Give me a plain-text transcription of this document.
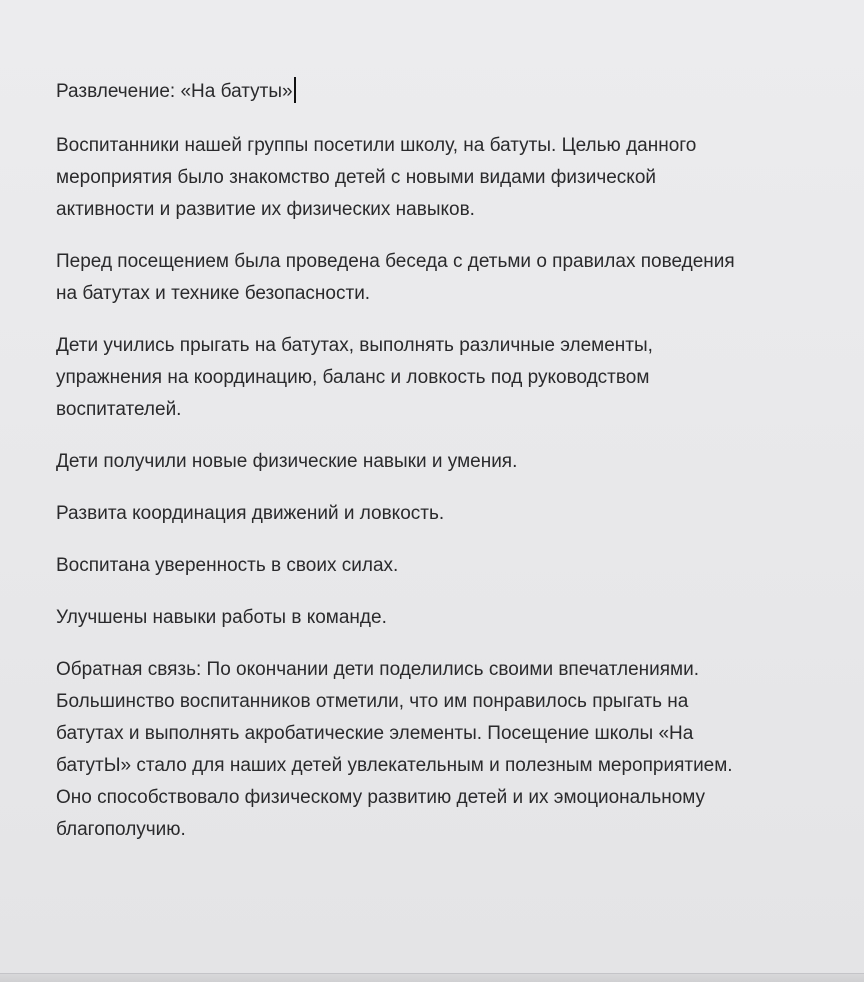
Развлечение: «На батуты»
Воспитанники нашей группы посетили школу, на батуты. Целью данного
мероприятия было знакомство детей с новыми видами физической
активности и развитие их физических навыков.
Перед посещением была проведена беседа с детьми о правилах поведения
на батутах и технике безопасности.
Дети учились прыгать на батутах, выполнять различные элементы,
упражнения на координацию, баланс и ловкость под руководством
воспитателей.
Дети получили новые физические навыки и умения.
Развита координация движений и ловкость.
Воспитана уверенность в своих силах.
Улучшены навыки работы в команде.
Обратная связь: По окончании дети поделились своими впечатлениями.
Большинство воспитанников отметили, что им понравилось прыгать на
батутах и выполнять акробатические элементы. Посещение школы «На
батутЫ» стало для наших детей увлекательным и полезным мероприятием.
Оно способствовало физическому развитию детей и их эмоциональному
благополучию.
